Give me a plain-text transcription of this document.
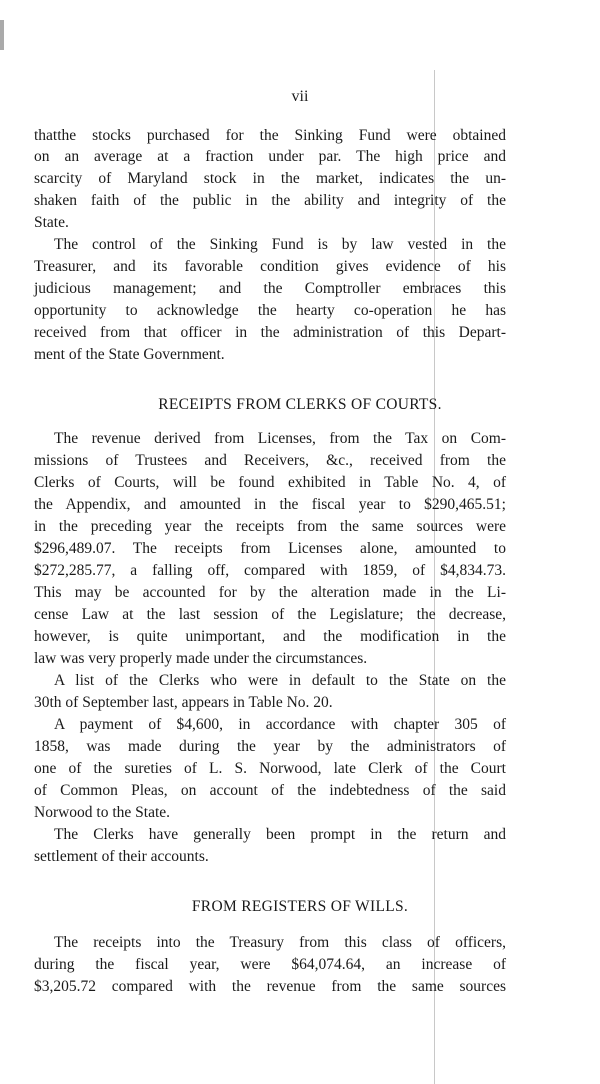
vii
thatthe stocks purchased for the Sinking Fund were obtained
on an average at a fraction under par. The high price and
scarcity of Maryland stock in the market, indicates the un-
shaken faith of the public in the ability and integrity of the
State.
The control of the Sinking Fund is by law vested in the
Treasurer, and its favorable condition gives evidence of his
judicious management; and the Comptroller embraces this
opportunity to acknowledge the hearty co-operation he has
received from that officer in the administration of this Depart-
ment of the State Government.
RECEIPTS FROM CLERKS OF COURTS.
The revenue derived from Licenses, from the Tax on Com-
missions of Trustees and Receivers, &c., received from the
Clerks of Courts, will be found exhibited in Table No. 4, of
the Appendix, and amounted in the fiscal year to $290,465.51;
in the preceding year the receipts from the same sources were
$296,489.07. The receipts from Licenses alone, amounted to
$272,285.77, a falling off, compared with 1859, of $4,834.73.
This may be accounted for by the alteration made in the Li-
cense Law at the last session of the Legislature; the decrease,
however, is quite unimportant, and the modification in the
law was very properly made under the circumstances.
A list of the Clerks who were in default to the State on the
30th of September last, appears in Table No. 20.
A payment of $4,600, in accordance with chapter 305 of
1858, was made during the year by the administrators of
one of the sureties of L. S. Norwood, late Clerk of the Court
of Common Pleas, on account of the indebtedness of the said
Norwood to the State.
The Clerks have generally been prompt in the return and
settlement of their accounts.
FROM REGISTERS OF WILLS.
The receipts into the Treasury from this class of officers,
during the fiscal year, were $64,074.64, an increase of
$3,205.72 compared with the revenue from the same sources
